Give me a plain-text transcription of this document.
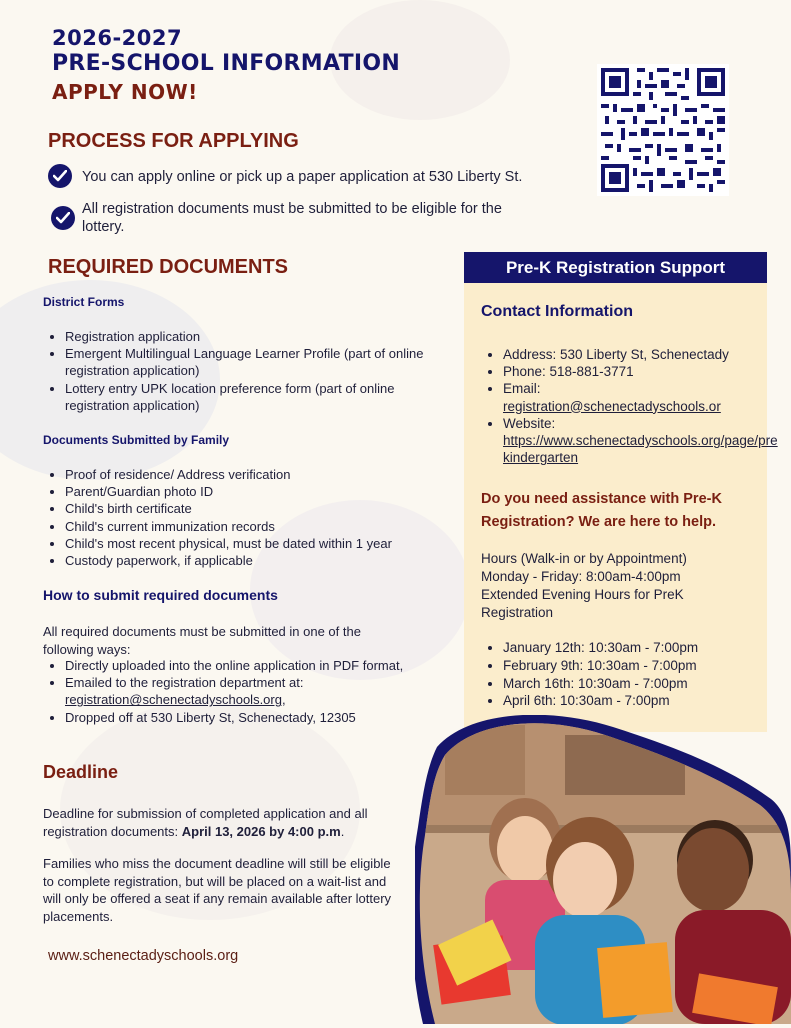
2026-2027
PRE-SCHOOL INFORMATION
APPLY NOW!
PROCESS FOR APPLYING
You can apply online or pick up a paper application at 530 Liberty St.
All registration documents must be submitted to be eligible for the lottery.
REQUIRED DOCUMENTS
District Forms
• Registration application
• Emergent Multilingual Language Learner Profile (part of online registration application)
• Lottery entry UPK location preference form (part of online registration application)
Documents Submitted by Family
• Proof of residence/ Address verification
• Parent/Guardian photo ID
• Child's birth certificate
• Child's current immunization records
• Child's most recent physical, must be dated within 1 year
• Custody paperwork, if applicable
How to submit required documents
All required documents must be submitted in one of the following ways:
• Directly uploaded into the online application in PDF format,
• Emailed to the registration department at:
registration@schenectadyschools.org,
• Dropped off at 530 Liberty St, Schenectady, 12305
Deadline
Deadline for submission of completed application and all registration documents: April 13, 2026 by 4:00 p.m.
Families who miss the document deadline will still be eligible to complete registration, but will be placed on a wait-list and will only be offered a seat if any remain available after lottery placements.
www.schenectadyschools.org
Pre-K Registration Support
Contact Information
• Address: 530 Liberty St, Schenectady
• Phone: 518-881-3771
• Email:
registration@schenectadyschools.or
• Website:
https://www.schenectadyschools.org/page/prekindergarten
Do you need assistance with Pre-K Registration? We are here to help.
Hours (Walk-in or by Appointment)
Monday - Friday: 8:00am-4:00pm
Extended Evening Hours for PreK Registration
• January 12th: 10:30am - 7:00pm
• February 9th: 10:30am - 7:00pm
• March 16th: 10:30am - 7:00pm
• April 6th: 10:30am - 7:00pm
